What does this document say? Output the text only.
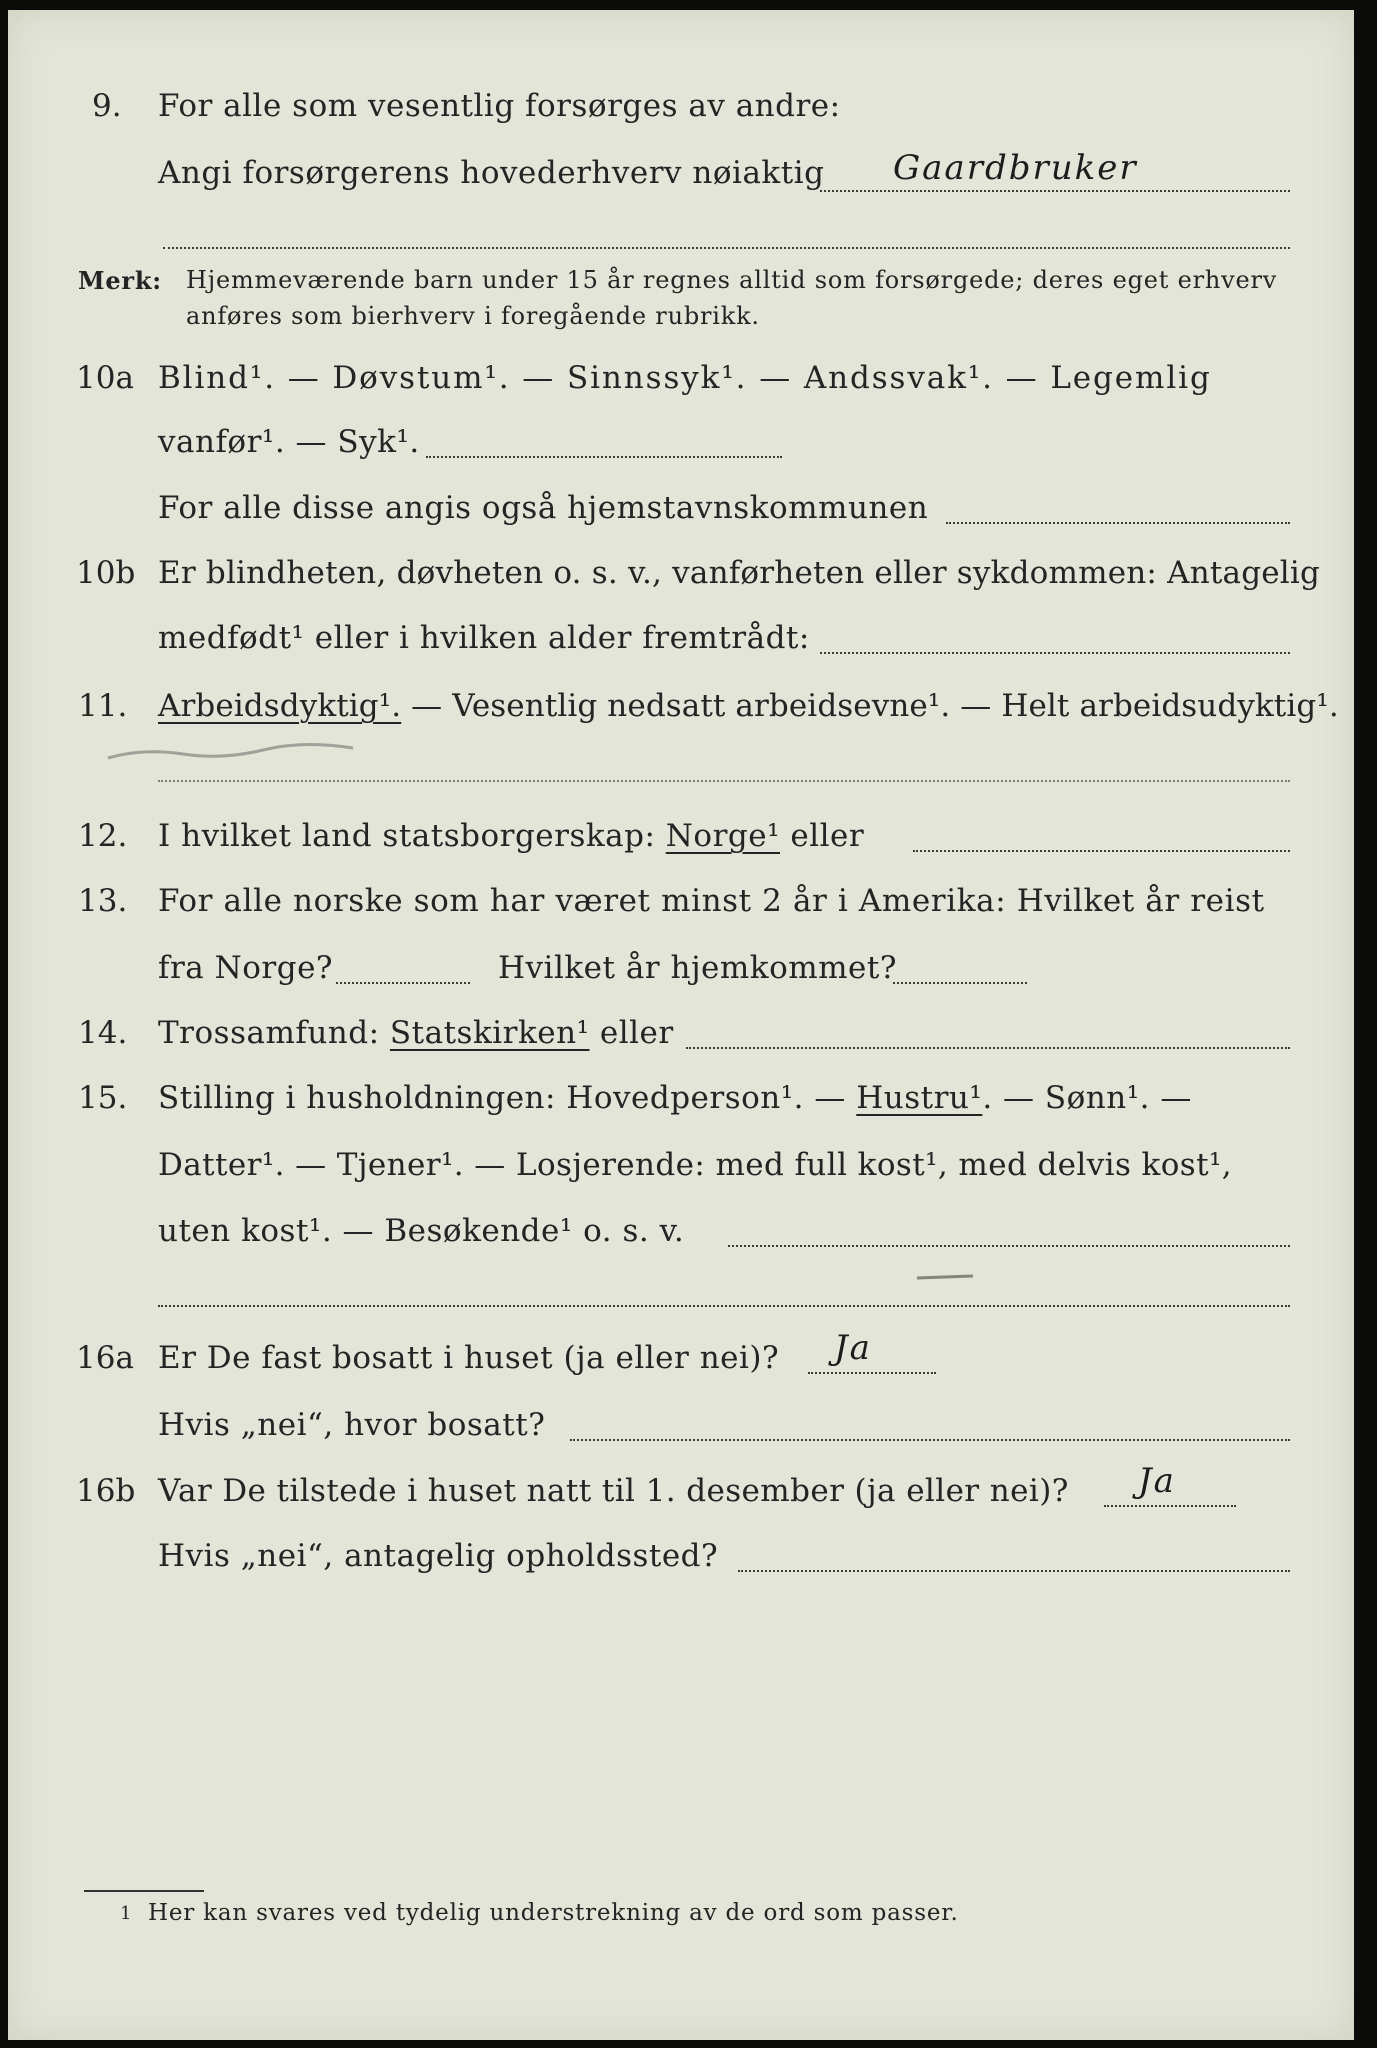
9. For alle som vesentlig forsørges av andre:
Angi forsørgerens hovederhverv nøiaktig Gaardbruker
Merk: Hjemmeværende barn under 15 år regnes alltid som forsørgede; deres eget erhverv
anføres som bierhverv i foregående rubrikk.
10a Blind¹. — Døvstum¹. — Sinnssyk¹. — Andssvak¹. — Legemlig
vanfør¹. — Syk¹.
For alle disse angis også hjemstavnskommunen
10b Er blindheten, døvheten o. s. v., vanførheten eller sykdommen: Antagelig
medfødt¹ eller i hvilken alder fremtrådt:
11. Arbeidsdyktig¹. — Vesentlig nedsatt arbeidsevne¹. — Helt arbeidsudyktig¹.
12. I hvilket land statsborgerskap: Norge¹ eller
13. For alle norske som har været minst 2 år i Amerika: Hvilket år reist
fra Norge?	Hvilket år hjemkommet?
14. Trossamfund: Statskirken¹ eller
15. Stilling i husholdningen: Hovedperson¹. — Hustru¹. — Sønn¹. —
Datter¹. — Tjener¹. — Losjerende: med full kost¹, med delvis kost¹,
uten kost¹. — Besøkende¹ o. s. v.
16a Er De fast bosatt i huset (ja eller nei)? Ja
Hvis „nei“, hvor bosatt?
16b Var De tilstede i huset natt til 1. desember (ja eller nei)? Ja
Hvis „nei“, antagelig opholdssted?
1 Her kan svares ved tydelig understrekning av de ord som passer.
